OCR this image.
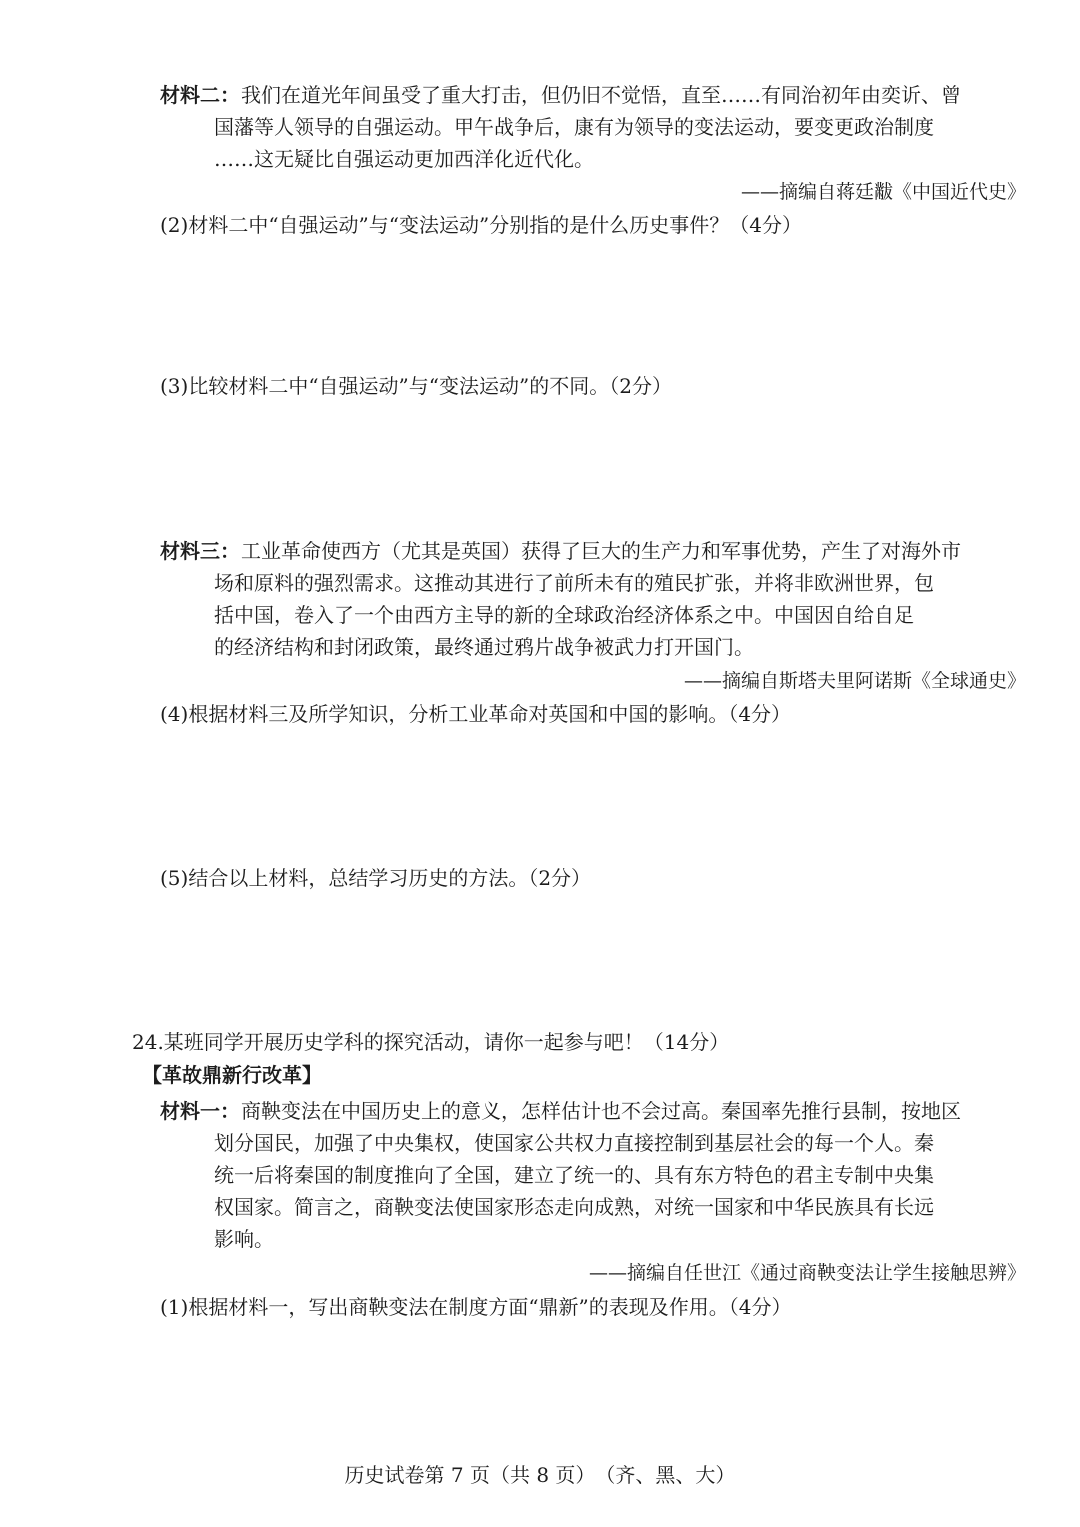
材料二： 我们在道光年间虽受了重大打击，但仍旧不觉悟，直至……有同治初年由奕䜣、曾
国藩等人领导的自强运动。甲午战争后，康有为领导的变法运动，要变更政治制度
……这无疑比自强运动更加西洋化近代化。
——摘编自蒋廷黻《中国近代史》
(2)材料二中“自强运动”与“变法运动”分别指的是什么历史事件？（4分）
(3)比较材料二中“自强运动”与“变法运动”的不同。（2分）
材料三： 工业革命使西方（尤其是英国）获得了巨大的生产力和军事优势，产生了对海外市
场和原料的强烈需求。这推动其进行了前所未有的殖民扩张，并将非欧洲世界，包
括中国，卷入了一个由西方主导的新的全球政治经济体系之中。中国因自给自足
的经济结构和封闭政策，最终通过鸦片战争被武力打开国门。
——摘编自斯塔夫里阿诺斯《全球通史》
(4)根据材料三及所学知识，分析工业革命对英国和中国的影响。（4分）
(5)结合以上材料，总结学习历史的方法。（2分）
24.某班同学开展历史学科的探究活动，请你一起参与吧！（14分）
【革故鼎新行改革】
材料一： 商鞅变法在中国历史上的意义，怎样估计也不会过高。秦国率先推行县制，按地区
划分国民，加强了中央集权，使国家公共权力直接控制到基层社会的每一个人。秦
统一后将秦国的制度推向了全国，建立了统一的、具有东方特色的君主专制中央集
权国家。简言之，商鞅变法使国家形态走向成熟，对统一国家和中华民族具有长远
影响。
——摘编自任世江《通过商鞅变法让学生接触思辨》
(1)根据材料一，写出商鞅变法在制度方面“鼎新”的表现及作用。（4分）
历史试卷第 7 页（共 8 页）　（齐、黑、大）
